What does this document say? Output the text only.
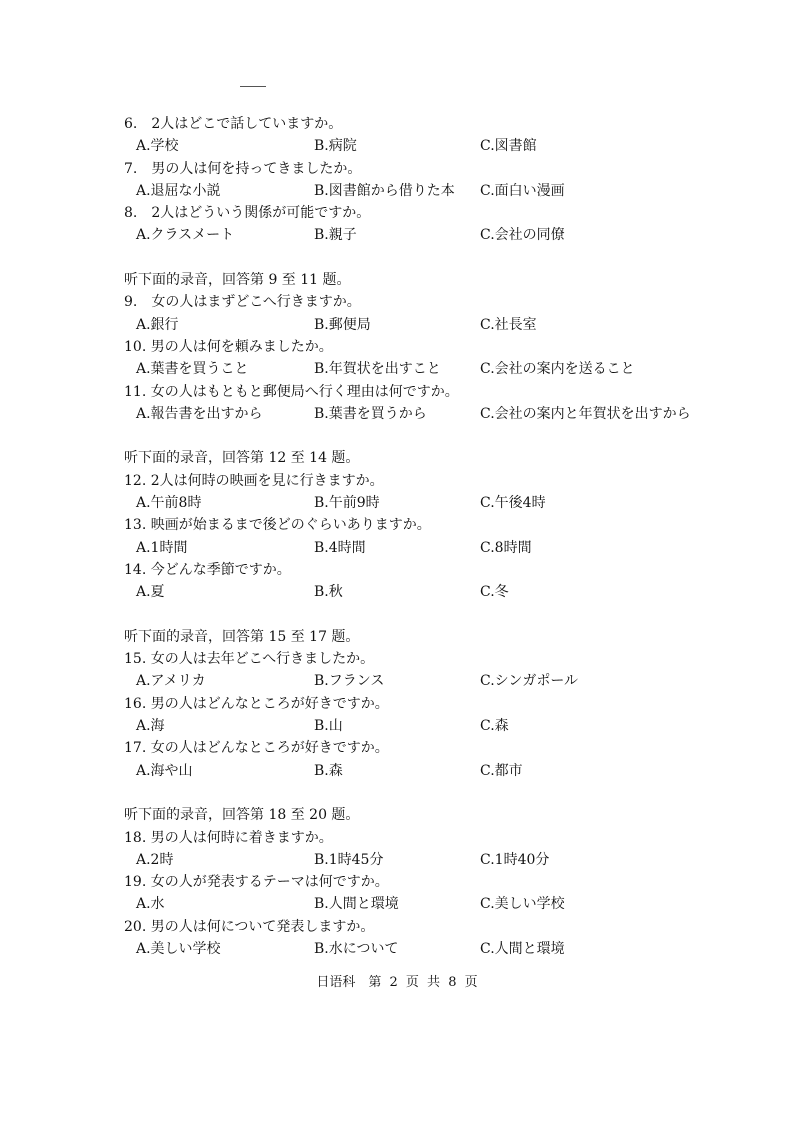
6.　2人はどこで話していますか。
A.学校	B.病院	C.図書館
7.　男の人は何を持ってきましたか。
A.退屈な小説	B.図書館から借りた本 C.面白い漫画
8.　2人はどういう関係が可能ですか。
A.クラスメート	B.親子	C.会社の同僚
听下面的录音，回答第 9 至 11 题。
9.　女の人はまずどこへ行きますか。
A.銀行	B.郵便局	C.社長室
10. 男の人は何を頼みましたか。
A.葉書を買うこと	B.年賀状を出すこと	C.会社の案内を送ること
11. 女の人はもともと郵便局へ行く理由は何ですか。
A.報告書を出すから	B.葉書を買うから	C.会社の案内と年賀状を出すから
听下面的录音，回答第 12 至 14 题。
12. 2人は何時の映画を見に行きますか。
A.午前8時	B.午前9時	C.午後4時
13. 映画が始まるまで後どのぐらいありますか。
A.1時間	B.4時間	C.8時間
14. 今どんな季節ですか。
A.夏	B.秋	C.冬
听下面的录音，回答第 15 至 17 题。
15. 女の人は去年どこへ行きましたか。
A.アメリカ	B.フランス	C.シンガポール
16. 男の人はどんなところが好きですか。
A.海	B.山	C.森
17. 女の人はどんなところが好きですか。
A.海や山	B.森	C.都市
听下面的录音，回答第 18 至 20 题。
18. 男の人は何時に着きますか。
A.2時	B.1時45分	C.1時40分
19. 女の人が発表するテーマは何ですか。
A.水	B.人間と環境	C.美しい学校
20. 男の人は何について発表しますか。
A.美しい学校	B.水について	C.人間と環境
日语科　第 2 页 共 8 页
